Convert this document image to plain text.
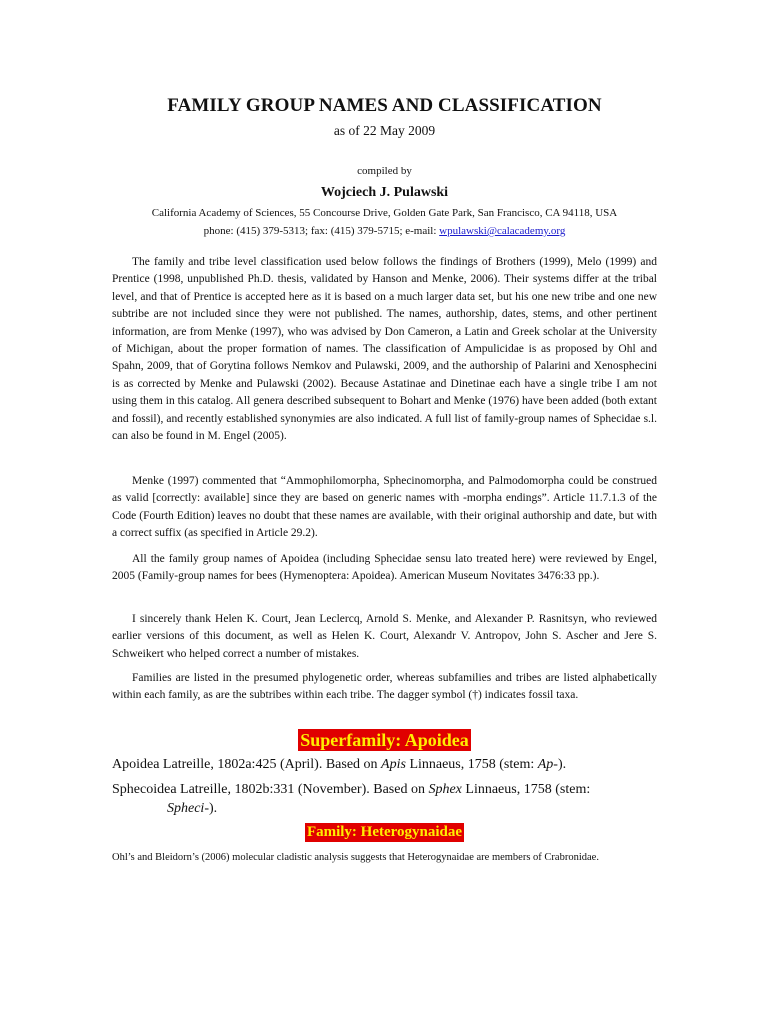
FAMILY GROUP NAMES AND CLASSIFICATION
as of 22 May 2009
compiled by
Wojciech J. Pulawski
California Academy of Sciences, 55 Concourse Drive, Golden Gate Park, San Francisco, CA 94118, USA
phone: (415) 379-5313; fax: (415) 379-5715; e-mail: wpulawski@calacademy.org

The family and tribe level classification used below follows the findings of Brothers (1999), Melo (1999) and Prentice (1998, unpublished Ph.D. thesis, validated by Hanson and Menke, 2006). Their systems differ at the tribal level, and that of Prentice is accepted here as it is based on a much larger data set, but his one new tribe and one new subtribe are not included since they were not published. The names, authorship, dates, stems, and other pertinent information, are from Menke (1997), who was advised by Don Cameron, a Latin and Greek scholar at the University of Michigan, about the proper formation of names. The classification of Ampulicidae is as proposed by Ohl and Spahn, 2009, that of Gorytina follows Nemkov and Pulawski, 2009, and the authorship of Palarini and Xenosphecini is as corrected by Menke and Pulawski (2002). Because Astatinae and Dinetinae each have a single tribe I am not using them in this catalog. All genera described subsequent to Bohart and Menke (1976) have been added (both extant and fossil), and recently established synonymies are also indicated. A full list of family-group names of Sphecidae s.l. can also be found in M. Engel (2005).

Menke (1997) commented that “Ammophilomorpha, Sphecinomorpha, and Palmodomorpha could be construed as valid [correctly: available] since they are based on generic names with -morpha endings”. Article 11.7.1.3 of the Code (Fourth Edition) leaves no doubt that these names are available, with their original authorship and date, but with a correct suffix (as specified in Article 29.2).

All the family group names of Apoidea (including Sphecidae sensu lato treated here) were reviewed by Engel, 2005 (Family-group names for bees (Hymenoptera: Apoidea). American Museum Novitates 3476:33 pp.).

I sincerely thank Helen K. Court, Jean Leclercq, Arnold S. Menke, and Alexander P. Rasnitsyn, who reviewed earlier versions of this document, as well as Helen K. Court, Alexandr V. Antropov, John S. Ascher and Jere S. Schweikert who helped correct a number of mistakes.

Families are listed in the presumed phylogenetic order, whereas subfamilies and tribes are listed alphabetically within each family, as are the subtribes within each tribe. The dagger symbol (†) indicates fossil taxa.

Superfamily: Apoidea
Apoidea Latreille, 1802a:425 (April). Based on Apis Linnaeus, 1758 (stem: Ap-).
Sphecoidea Latreille, 1802b:331 (November). Based on Sphex Linnaeus, 1758 (stem:
Spheci-).
Family: Heterogynaidae
Ohl’s and Bleidorn’s (2006) molecular cladistic analysis suggests that Heterogynaidae are members of Crabronidae.
